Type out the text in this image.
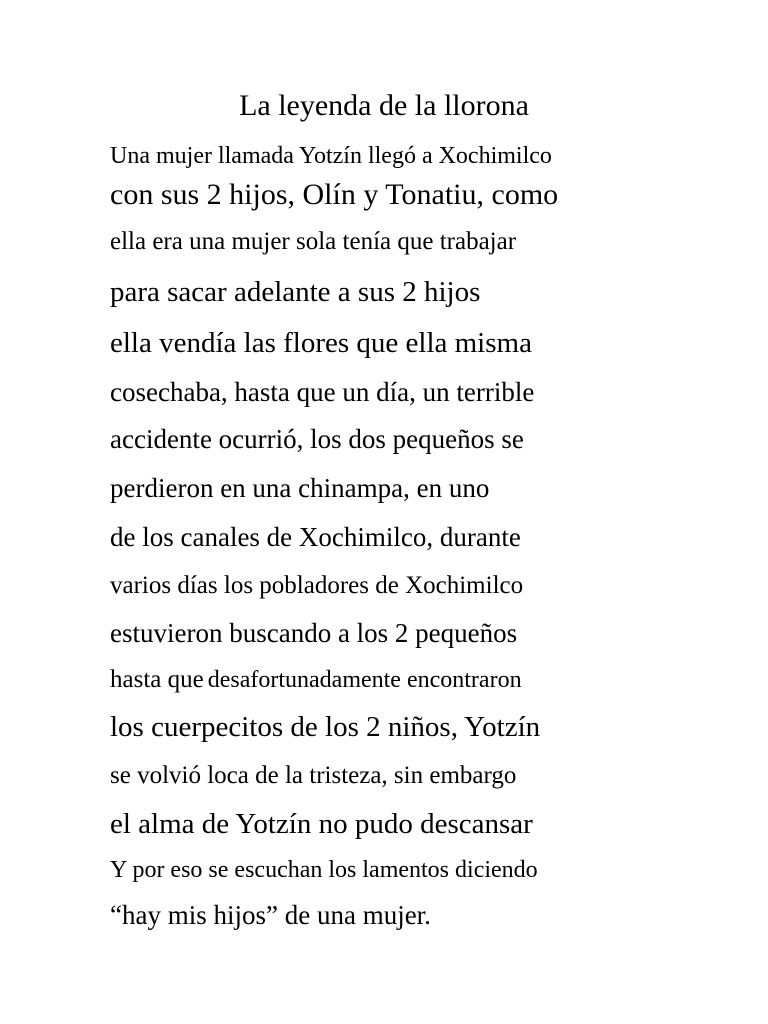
La leyenda de la llorona
Una mujer llamada Yotzín llegó a Xochimilco
con sus 2 hijos, Olín y Tonatiu, como
ella era una mujer sola tenía que trabajar
para sacar adelante a sus 2 hijos
ella vendía las flores que ella misma
cosechaba, hasta que un día, un terrible
accidente ocurrió, los dos pequeños se
perdieron en una chinampa, en uno
de los canales de Xochimilco, durante
varios días los pobladores de Xochimilco
estuvieron buscando a los 2 pequeños
hasta que desafortunadamente encontraron
los cuerpecitos de los 2 niños, Yotzín
se volvió loca de la tristeza, sin embargo
el alma de Yotzín no pudo descansar
Y por eso se escuchan los lamentos diciendo
“hay mis hijos” de una mujer.
